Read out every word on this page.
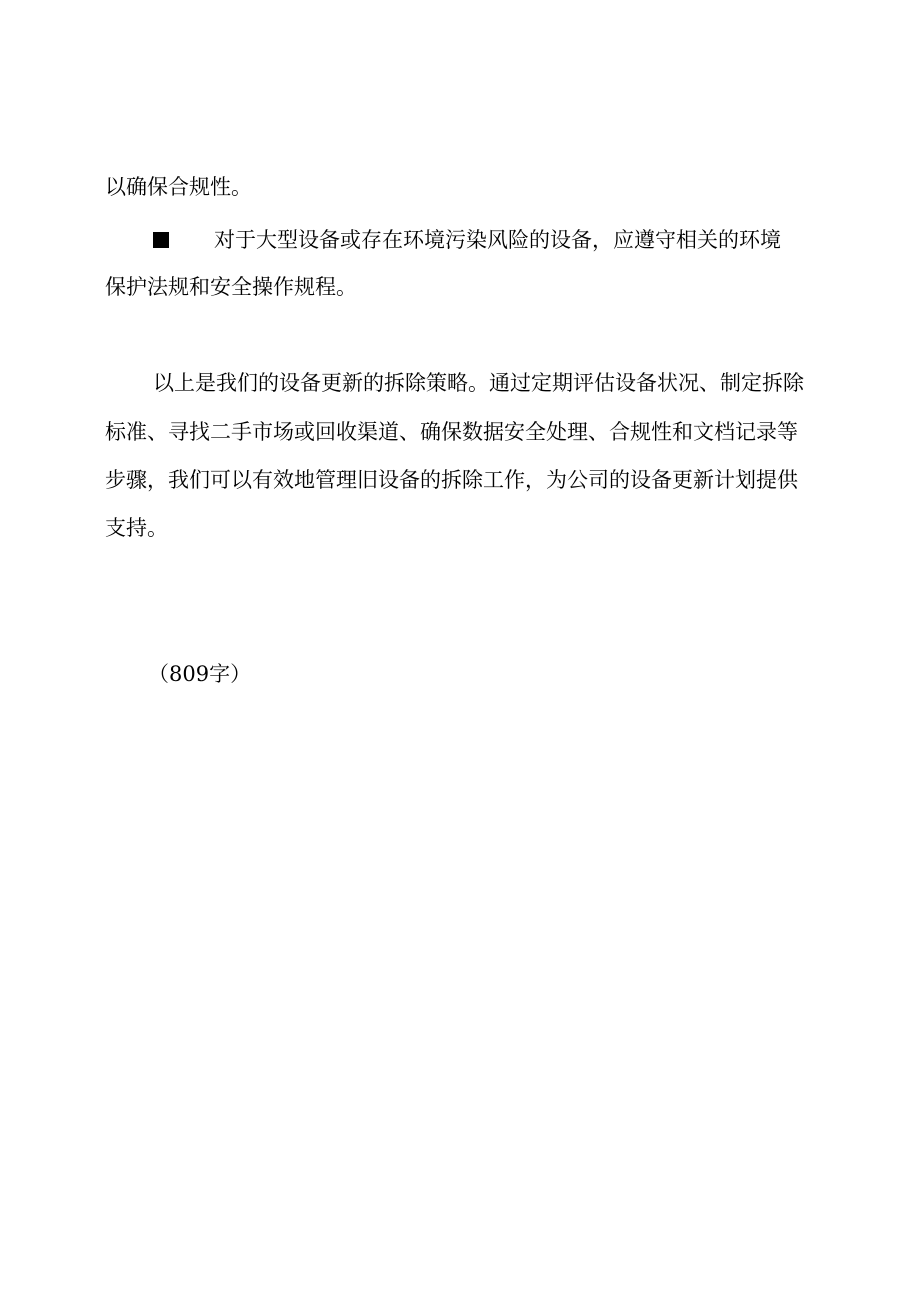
以确保合规性。
对于大型设备或存在环境污染风险的设备，应遵守相关的环境
保护法规和安全操作规程。
以上是我们的设备更新的拆除策略。通过定期评估设备状况、制定拆除
标准、寻找二手市场或回收渠道、确保数据安全处理、合规性和文档记录等
步骤，我们可以有效地管理旧设备的拆除工作，为公司的设备更新计划提供
支持。
（809字）
